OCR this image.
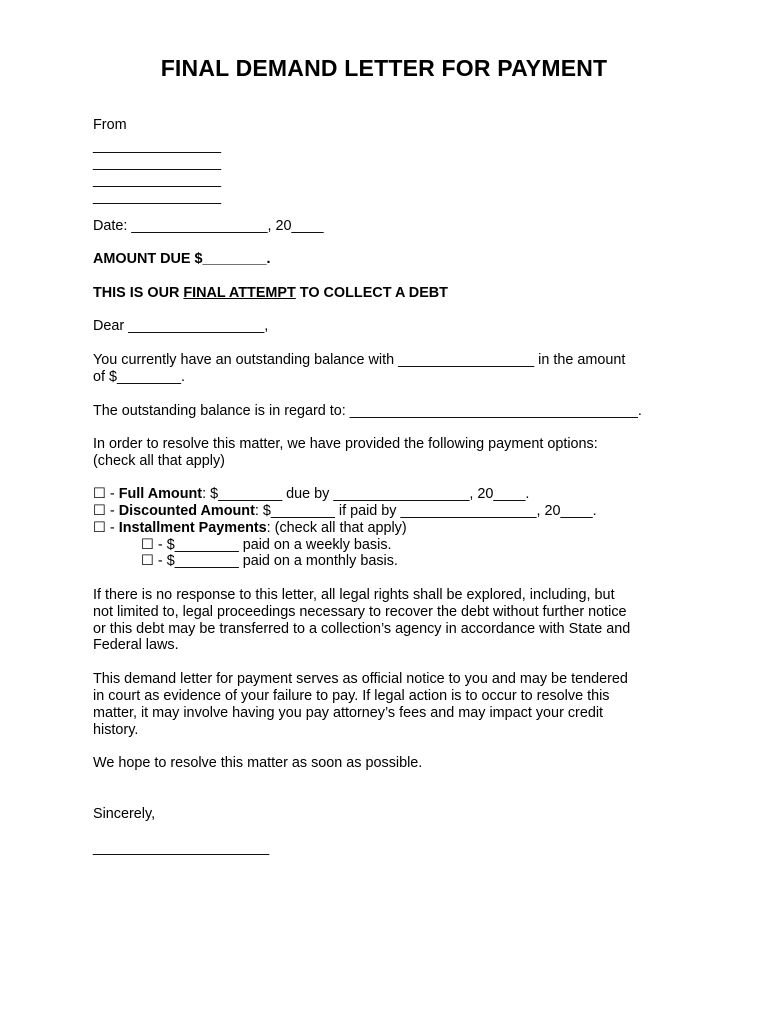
FINAL DEMAND LETTER FOR PAYMENT

From

________________

________________

________________

________________

Date: _________________, 20____

AMOUNT DUE $________.

THIS IS OUR FINAL ATTEMPT TO COLLECT A DEBT

Dear _________________,

You currently have an outstanding balance with _________________ in the amount

of $________.

The outstanding balance is in regard to: ____________________________________.

In order to resolve this matter, we have provided the following payment options:

(check all that apply)

☐ - Full Amount: $________ due by _________________, 20____.

☐ - Discounted Amount: $________ if paid by _________________, 20____.

☐ - Installment Payments: (check all that apply)

☐ - $________ paid on a weekly basis.

☐ - $________ paid on a monthly basis.

If there is no response to this letter, all legal rights shall be explored, including, but

not limited to, legal proceedings necessary to recover the debt without further notice

or this debt may be transferred to a collection’s agency in accordance with State and

Federal laws.

This demand letter for payment serves as official notice to you and may be tendered

in court as evidence of your failure to pay. If legal action is to occur to resolve this

matter, it may involve having you pay attorney’s fees and may impact your credit

history.

We hope to resolve this matter as soon as possible.

Sincerely,

______________________
